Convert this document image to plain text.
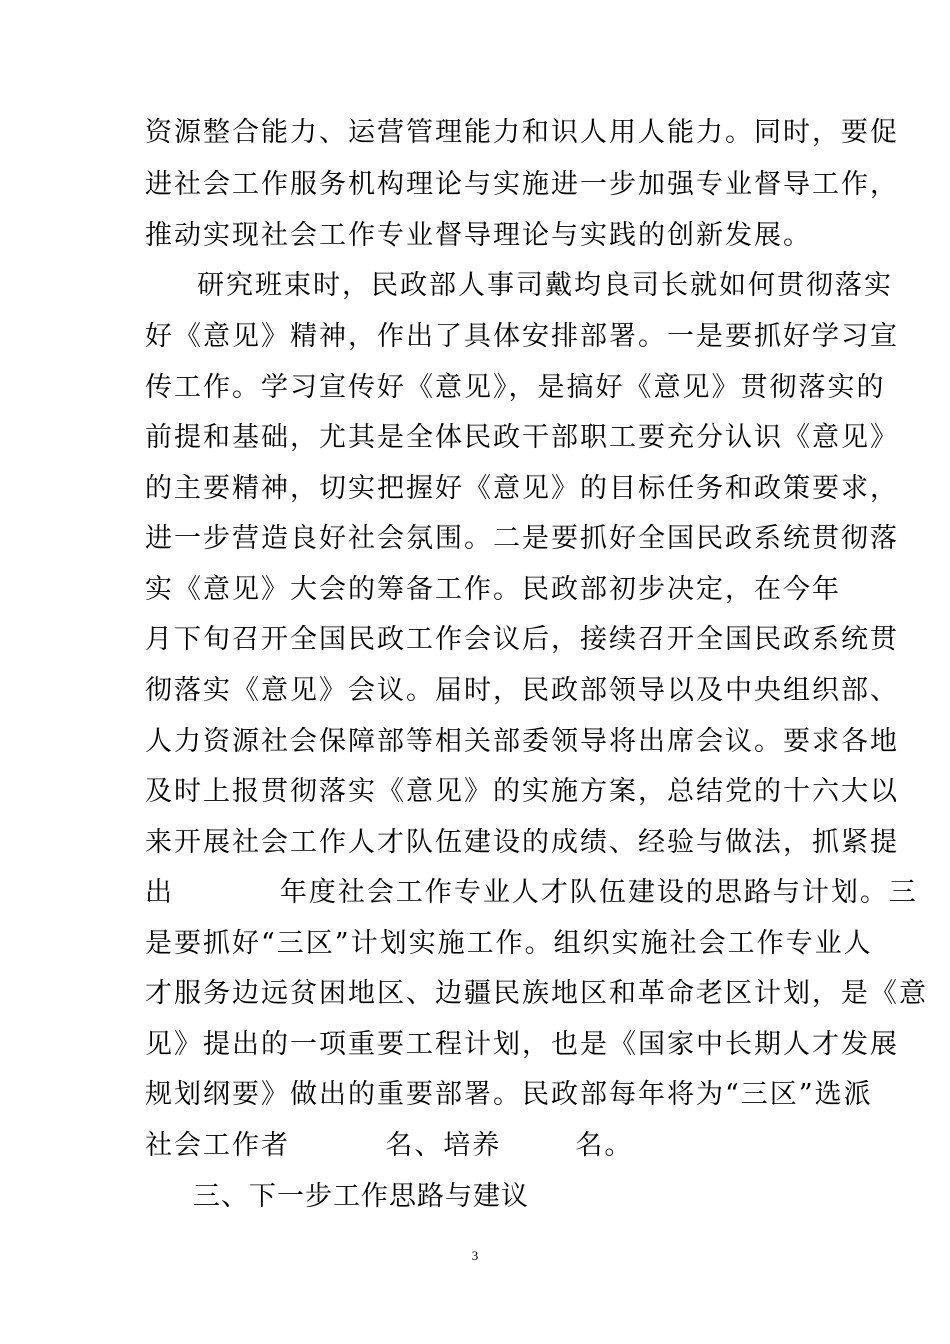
资源整合能力、运营管理能力和识人用人能力。同时，要促
进社会工作服务机构理论与实施进一步加强专业督导工作，
推动实现社会工作专业督导理论与实践的创新发展。
研究班束时，民政部人事司戴均良司长就如何贯彻落实
好《意见》精神，作出了具体安排部署。一是要抓好学习宣
传工作。学习宣传好《意见》，是搞好《意见》贯彻落实的
前提和基础，尤其是全体民政干部职工要充分认识《意见》
的主要精神，切实把握好《意见》的目标任务和政策要求，
进一步营造良好社会氛围。二是要抓好全国民政系统贯彻落
实《意见》大会的筹备工作。民政部初步决定，在今年
月下旬召开全国民政工作会议后，接续召开全国民政系统贯
彻落实《意见》会议。届时，民政部领导以及中央组织部、
人力资源社会保障部等相关部委领导将出席会议。要求各地
及时上报贯彻落实《意见》的实施方案，总结党的十六大以
来开展社会工作人才队伍建设的成绩、经验与做法，抓紧提
出          年度社会工作专业人才队伍建设的思路与计划。三
是要抓好“三区”计划实施工作。组织实施社会工作专业人
才服务边远贫困地区、边疆民族地区和革命老区计划，是《意
见》提出的一项重要工程计划，也是《国家中长期人才发展
规划纲要》做出的重要部署。民政部每年将为“三区”选派
社会工作者         名、培养       名。
三、下一步工作思路与建议
3
